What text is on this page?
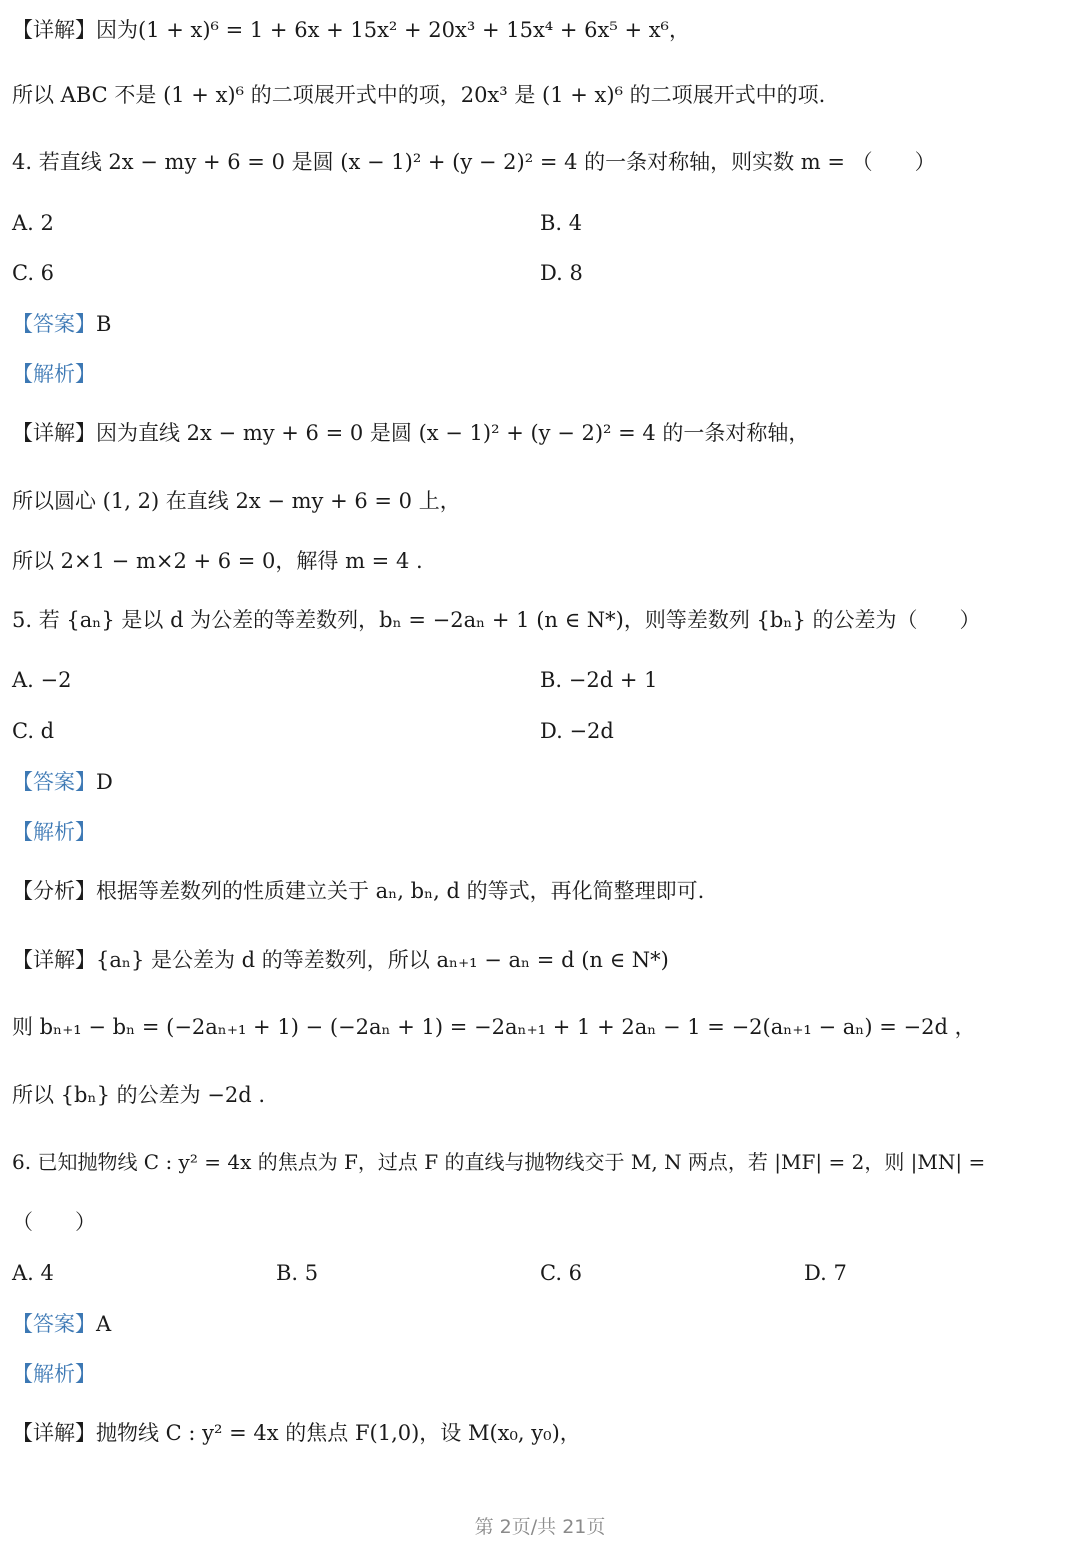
【详解】因为(1 + x)⁶ = 1 + 6x + 15x² + 20x³ + 15x⁴ + 6x⁵ + x⁶，
所以 ABC 不是 (1 + x)⁶ 的二项展开式中的项，20x³ 是 (1 + x)⁶ 的二项展开式中的项.
4. 若直线 2x − my + 6 = 0 是圆 (x − 1)² + (y − 2)² = 4 的一条对称轴，则实数 m = （　　）
A. 2	B. 4
C. 6	D. 8
【答案】B
【解析】
【详解】因为直线 2x − my + 6 = 0 是圆 (x − 1)² + (y − 2)² = 4 的一条对称轴，
所以圆心 (1, 2) 在直线 2x − my + 6 = 0 上，
所以 2×1 − m×2 + 6 = 0，解得 m = 4 .
5. 若 {aₙ} 是以 d 为公差的等差数列，bₙ = −2aₙ + 1 (n ∈ N*)，则等差数列 {bₙ} 的公差为（　　）
A. −2	B. −2d + 1
C. d	D. −2d
【答案】D
【解析】
【分析】根据等差数列的性质建立关于 aₙ, bₙ, d 的等式，再化简整理即可.
【详解】{aₙ} 是公差为 d 的等差数列，所以 aₙ₊₁ − aₙ = d (n ∈ N*)
则 bₙ₊₁ − bₙ = (−2aₙ₊₁ + 1) − (−2aₙ + 1) = −2aₙ₊₁ + 1 + 2aₙ − 1 = −2(aₙ₊₁ − aₙ) = −2d ，
所以 {bₙ} 的公差为 −2d .
6. 已知抛物线 C : y² = 4x 的焦点为 F，过点 F 的直线与抛物线交于 M, N 两点，若 |MF| = 2，则 |MN| =
（　　）
A. 4	B. 5	C. 6	D. 7
【答案】A
【解析】
【详解】抛物线 C : y² = 4x 的焦点 F(1,0)，设 M(x₀, y₀)，
第 2页/共 21页
